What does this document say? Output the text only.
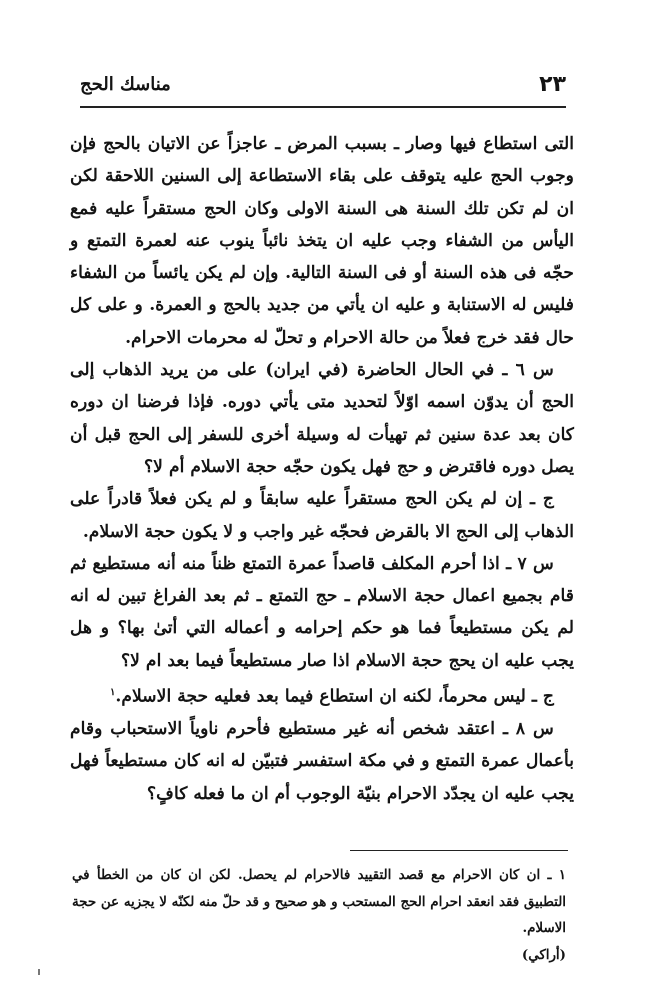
٢٣
مناسك الحج

التى استطاع فيها وصار ـ بسبب المرض ـ عاجزاً عن الاتيان بالحج فإن وجوب الحج عليه يتوقف على بقاء الاستطاعة إلى السنين اللاحقة لكن ان لم تكن تلك السنة هى السنة الاولى وكان الحج مستقراً عليه فمع اليأس من الشفاء وجب عليه ان يتخذ نائباً ينوب عنه لعمرة التمتع و حجّه فى هذه السنة أو فى السنة التالية. وإن لم يكن يائساً من الشفاء فليس له الاستنابة و عليه ان يأتي من جديد بالحج و العمرة. و على كل حال فقد خرج فعلاً من حالة الاحرام و تحلّ له محرمات الاحرام.

س ٦ ـ في الحال الحاضرة (في ايران) على من يريد الذهاب إلى الحج أن يدوّن اسمه اوّلاً لتحديد متى يأتي دوره. فإذا فرضنا ان دوره كان بعد عدة سنين ثم تهيأت له وسيلة أخرى للسفر إلى الحج قبل أن يصل دوره فاقترض و حج فهل يكون حجّه حجة الاسلام أم لا؟

ج ـ إن لم يكن الحج مستقراً عليه سابقاً و لم يكن فعلاً قادراً على الذهاب إلى الحج الا بالقرض فحجّه غير واجب و لا يكون حجة الاسلام.

س ٧ ـ اذا أحرم المكلف قاصداً عمرة التمتع ظناً منه أنه مستطيع ثم قام بجميع اعمال حجة الاسلام ـ حج التمتع ـ ثم بعد الفراغ تبين له انه لم يكن مستطيعاً فما هو حكم إحرامه و أعماله التي أتىٰ بها؟ و هل يجب عليه ان يحج حجة الاسلام اذا صار مستطيعاً فيما بعد ام لا؟

ج ـ ليس محرماً، لكنه ان استطاع فيما بعد فعليه حجة الاسلام.$^١$

س ٨ ـ اعتقد شخص أنه غير مستطيع فأحرم ناوياً الاستحباب وقام بأعمال عمرة التمتع و في مكة استفسر فتبيّن له انه كان مستطيعاً فهل يجب عليه ان يجدّد الاحرام بنيّة الوجوب أم ان ما فعله كافٍ؟

١ ـ ان كان الاحرام مع قصد التقييد فالاحرام لم يحصل. لكن ان كان من الخطأ في التطبيق فقد انعقد احرام الحج المستحب و هو صحيح و قد حلّ منه لكنّه لا يجزيه عن حجة الاسلام.

(أراكي)
